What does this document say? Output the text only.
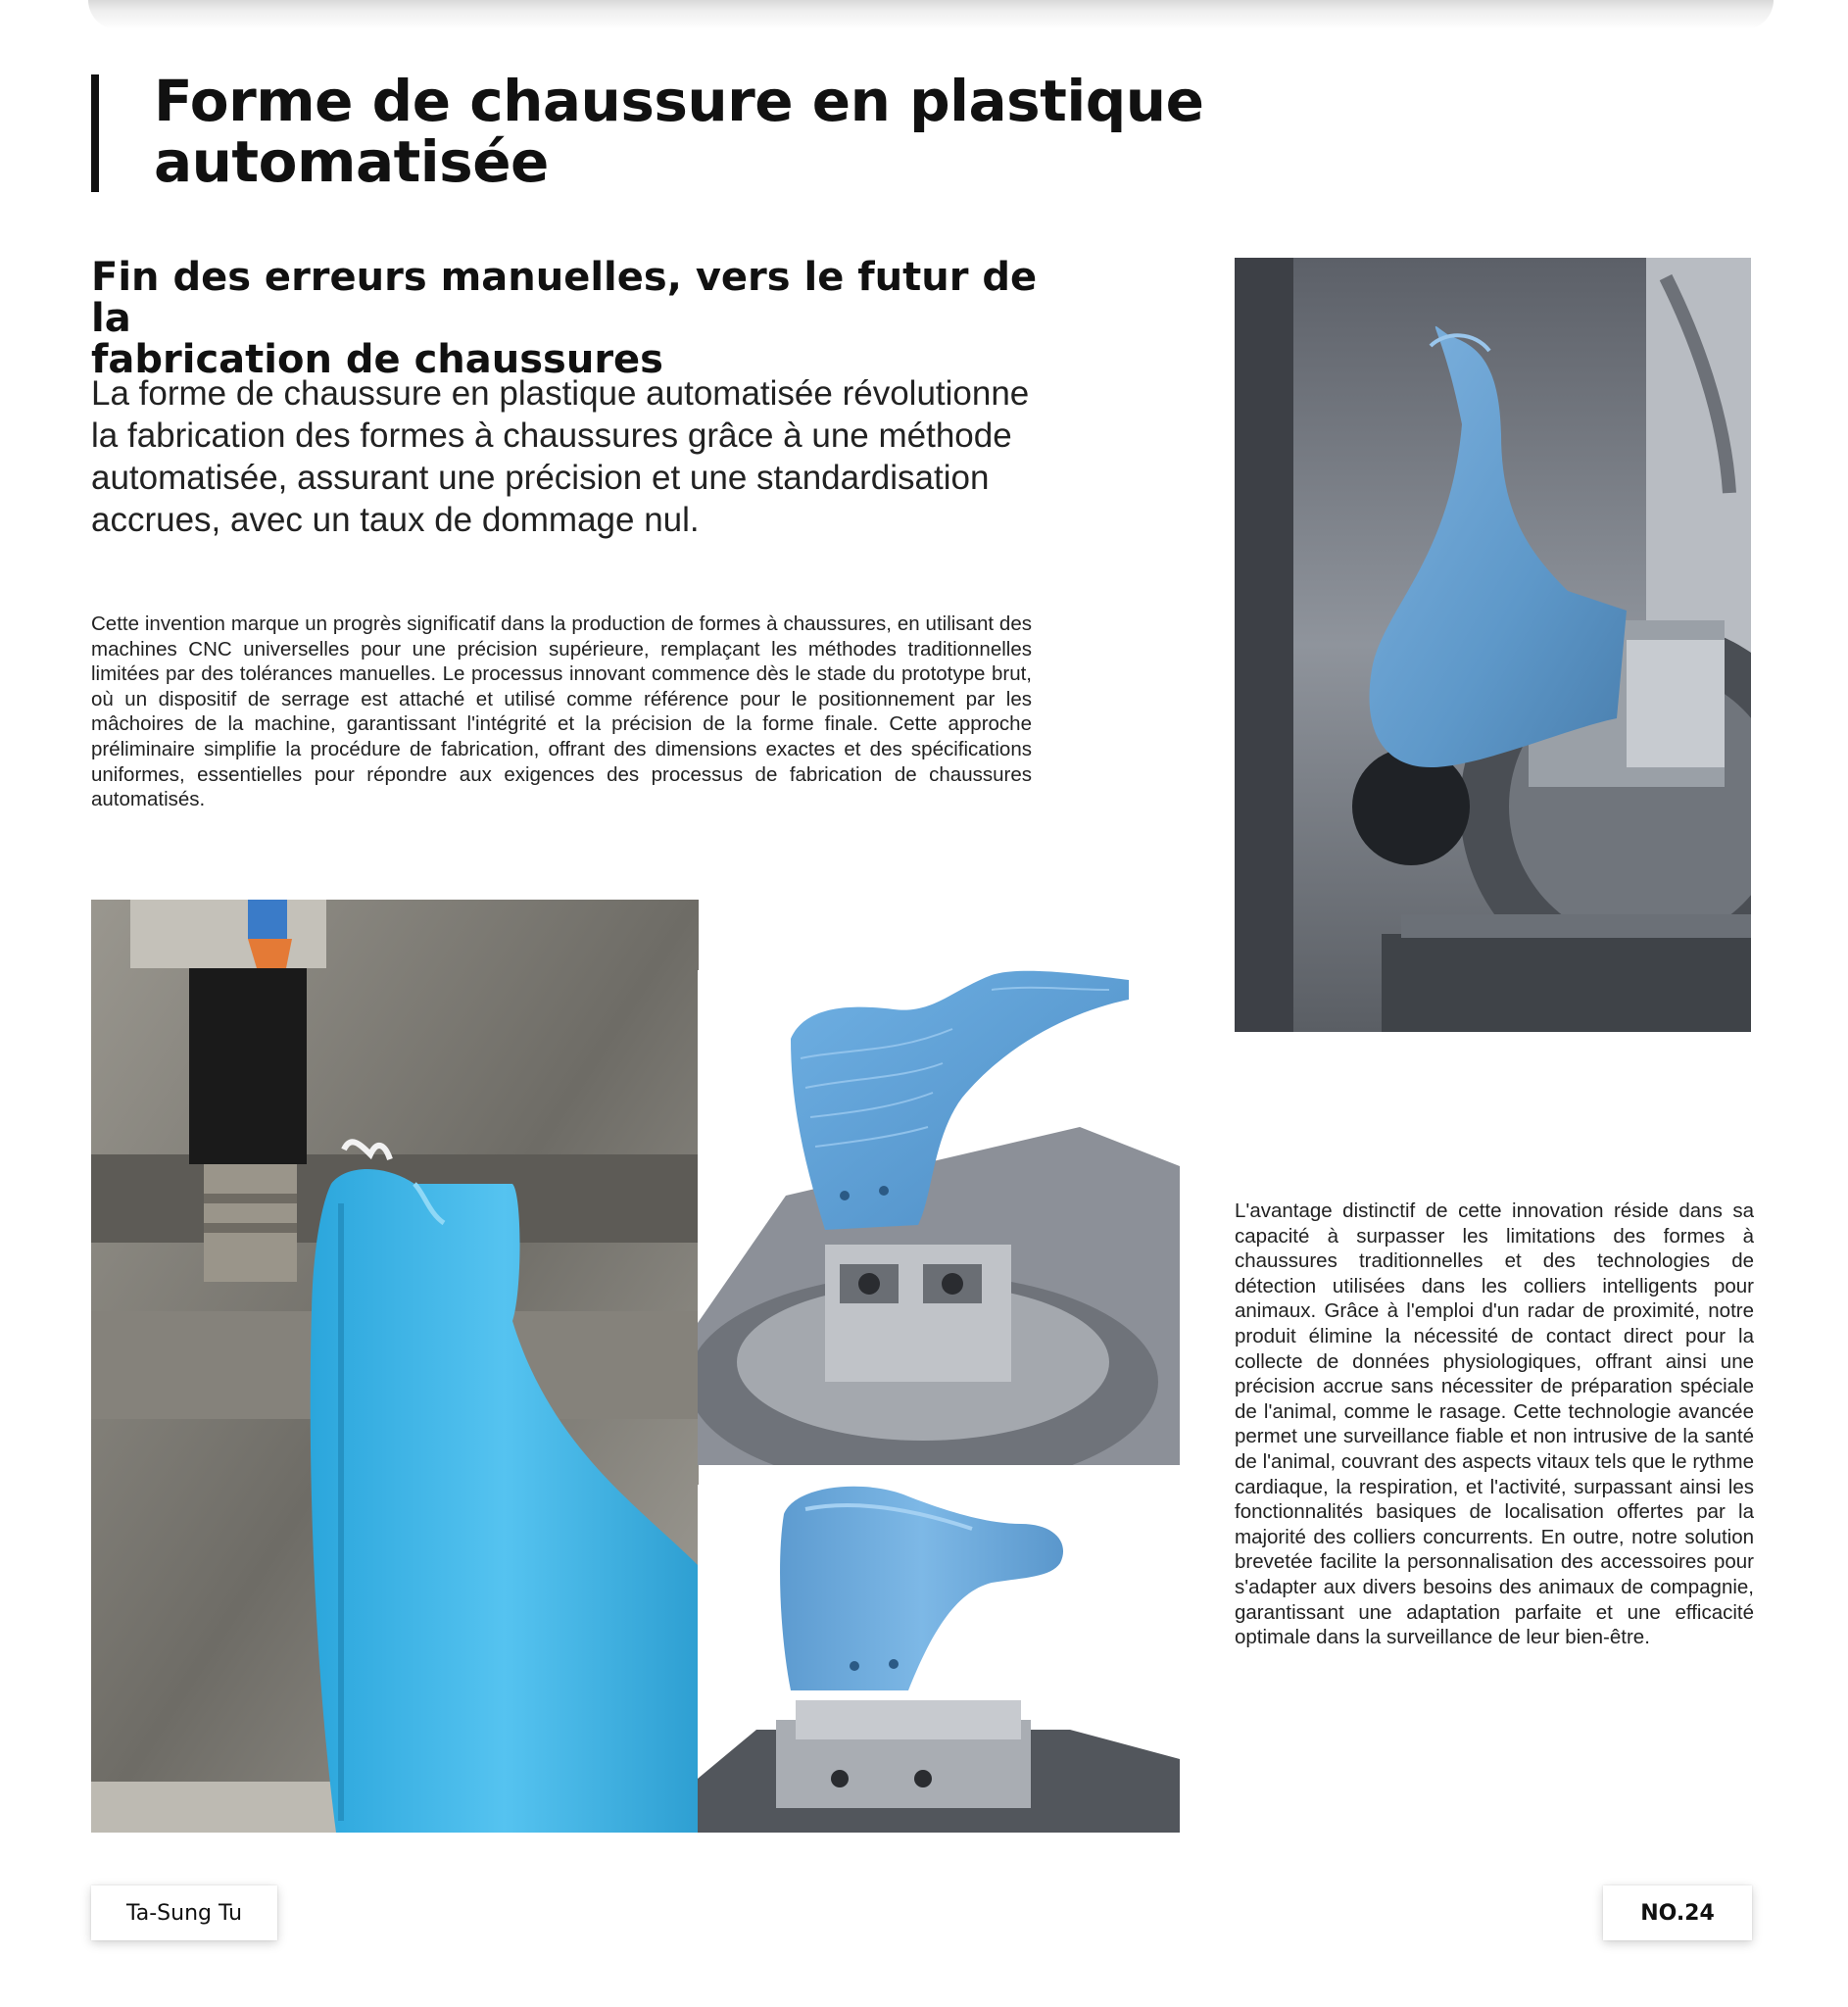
Forme de chaussure en plastique
automatisée
Fin des erreurs manuelles, vers le futur de la
fabrication de chaussures

La forme de chaussure en plastique automatisée révolutionne la fabrication des formes à chaussures grâce à une méthode automatisée, assurant une précision et une standardisation accrues, avec un taux de dommage nul.

Cette invention marque un progrès significatif dans la production de formes à chaussures, en utilisant des machines CNC universelles pour une précision supérieure, remplaçant les méthodes traditionnelles limitées par des tolérances manuelles. Le processus innovant commence dès le stade du prototype brut, où un dispositif de serrage est attaché et utilisé comme référence pour le positionnement par les mâchoires de la machine, garantissant l'intégrité et la précision de la forme finale. Cette approche préliminaire simplifie la procédure de fabrication, offrant des dimensions exactes et des spécifications uniformes, essentielles pour répondre aux exigences des processus de fabrication de chaussures automatisés.

L'avantage distinctif de cette innovation réside dans sa capacité à surpasser les limitations des formes à chaussures traditionnelles et des technologies de détection utilisées dans les colliers intelligents pour animaux. Grâce à l'emploi d'un radar de proximité, notre produit élimine la nécessité de contact direct pour la collecte de données physiologiques, offrant ainsi une précision accrue sans nécessiter de préparation spéciale de l'animal, comme le rasage. Cette technologie avancée permet une surveillance fiable et non intrusive de la santé de l'animal, couvrant des aspects vitaux tels que le rythme cardiaque, la respiration, et l'activité, surpassant ainsi les fonctionnalités basiques de localisation offertes par la majorité des colliers concurrents. En outre, notre solution brevetée facilite la personnalisation des accessoires pour s'adapter aux divers besoins des animaux de compagnie, garantissant une adaptation parfaite et une efficacité optimale dans la surveillance de leur bien-être.

Ta-Sung Tu	NO.24
